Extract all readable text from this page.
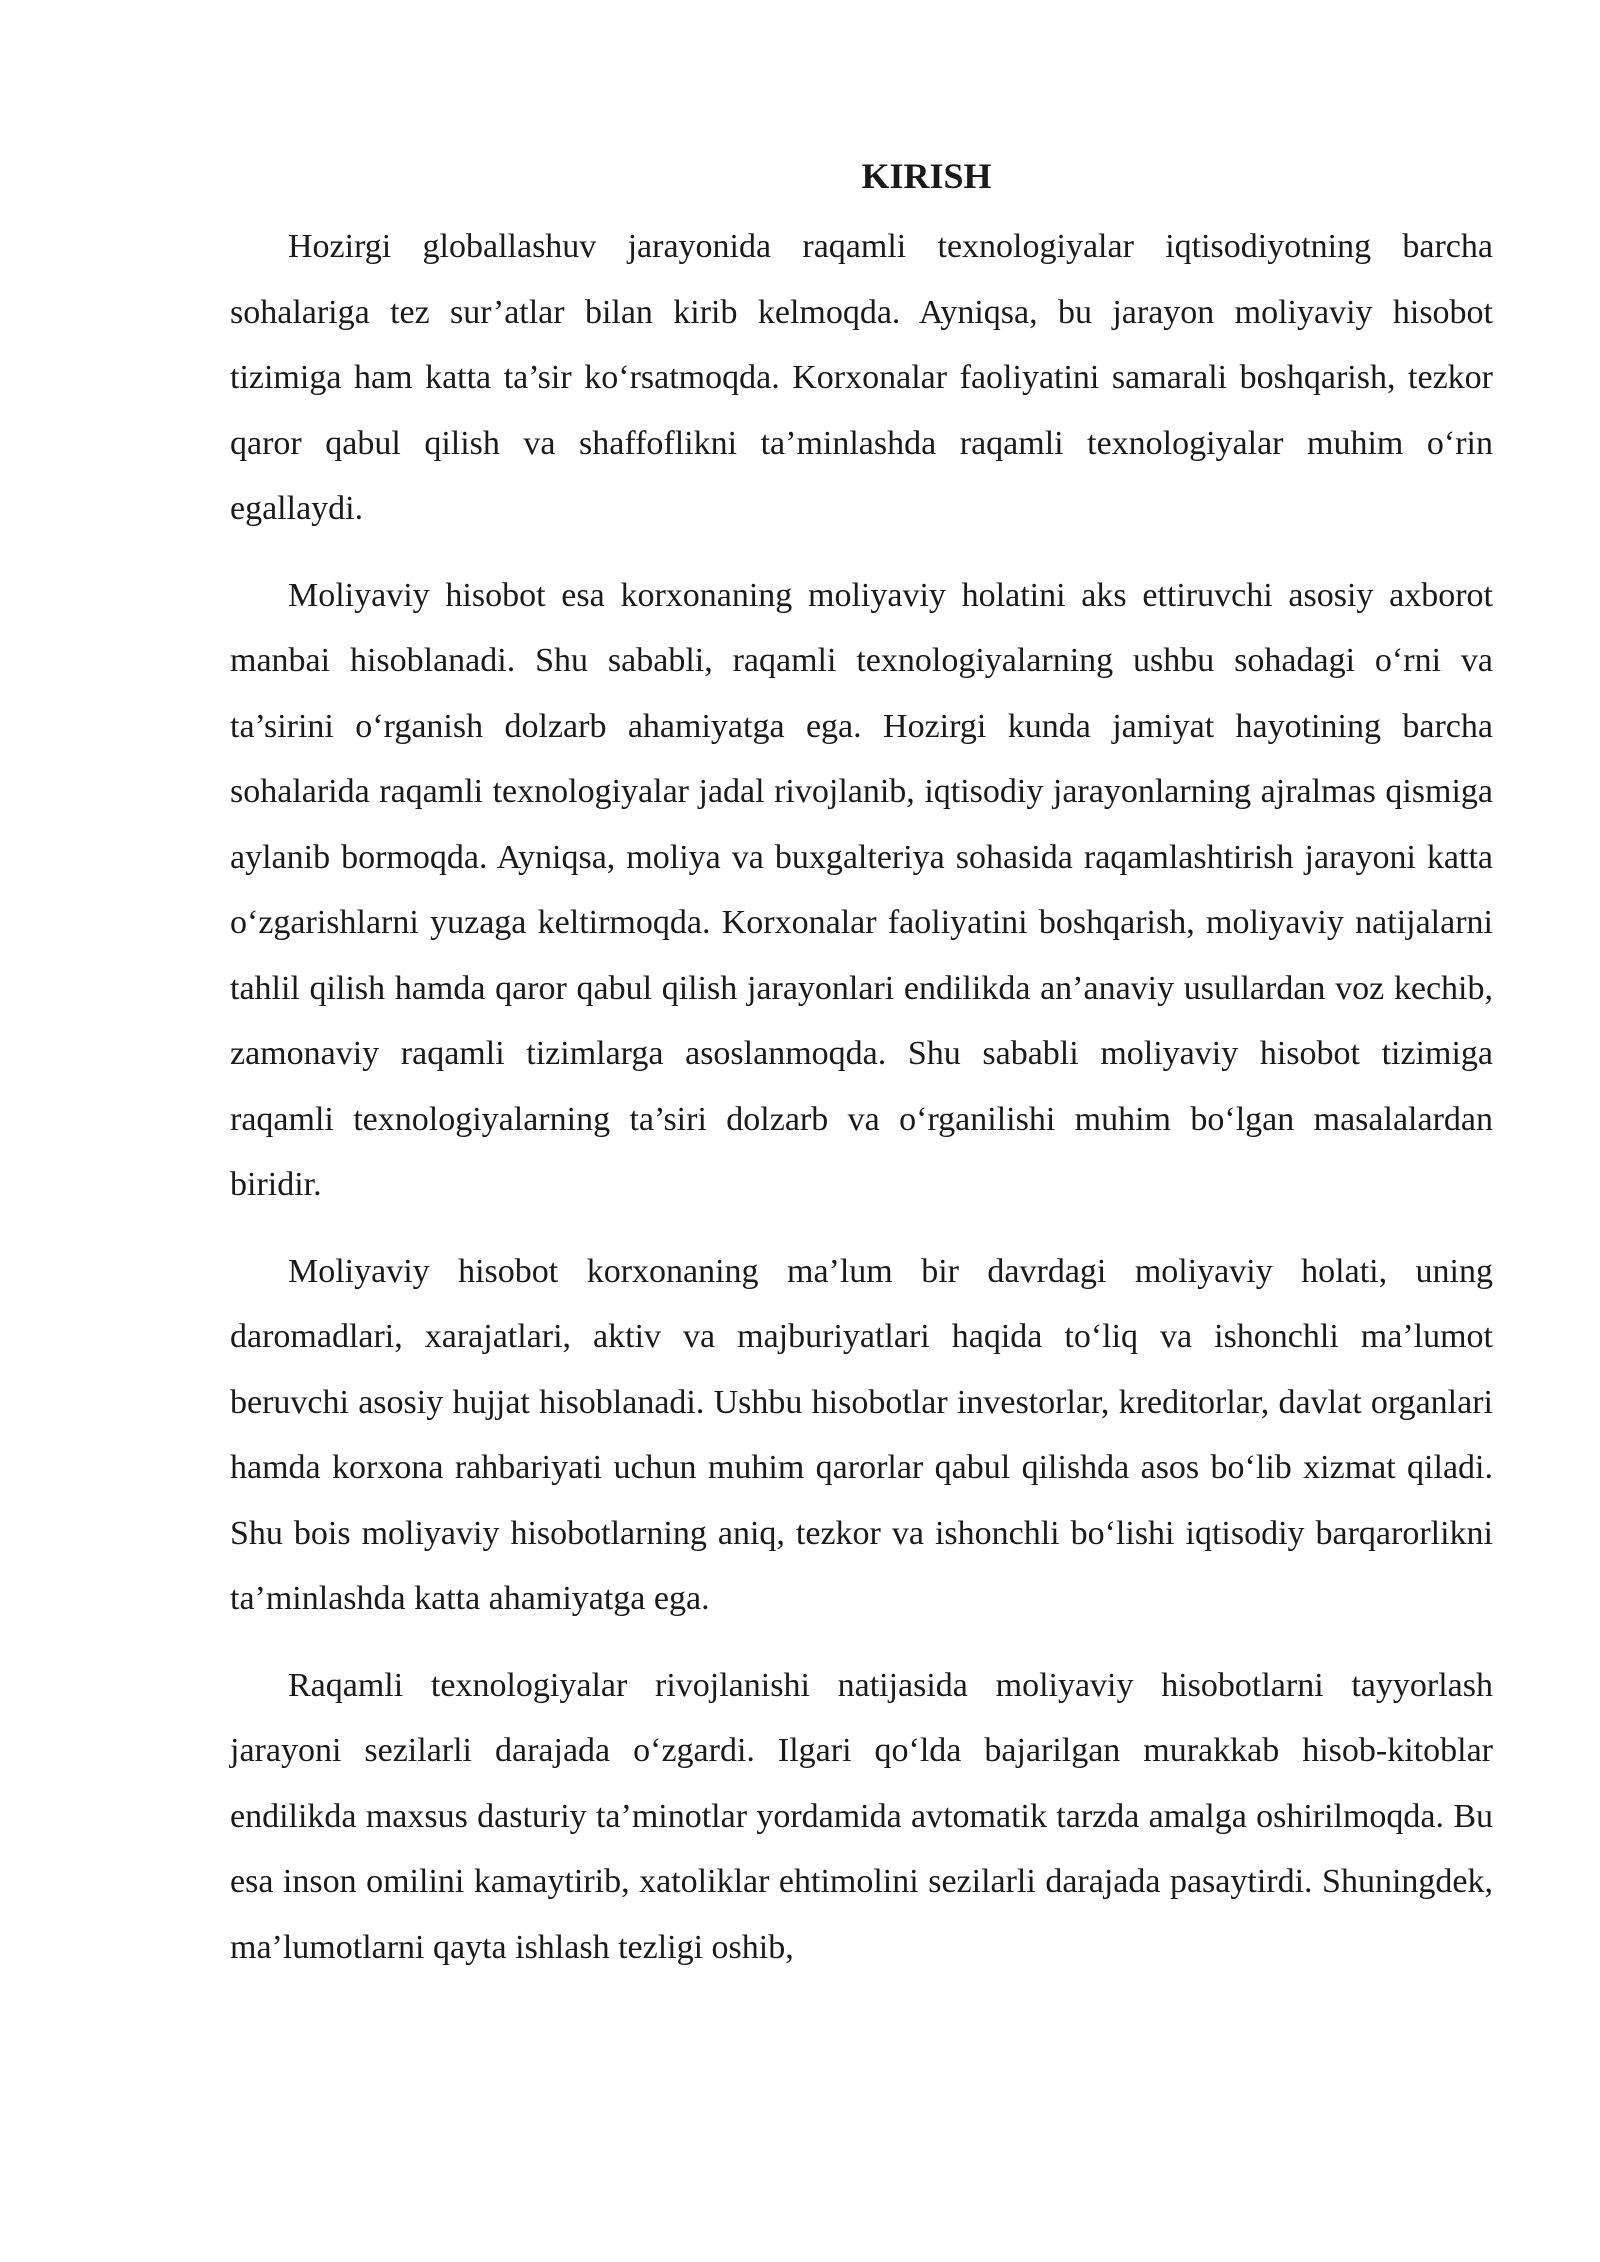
KIRISH

Hozirgi globallashuv jarayonida raqamli texnologiyalar iqtisodiyotning barcha sohalariga tez sur’atlar bilan kirib kelmoqda. Ayniqsa, bu jarayon moliyaviy hisobot tizimiga ham katta ta’sir ko‘rsatmoqda. Korxonalar faoliyatini samarali boshqarish, tezkor qaror qabul qilish va shaffoflikni ta’minlashda raqamli texnologiyalar muhim o‘rin egallaydi.

Moliyaviy hisobot esa korxonaning moliyaviy holatini aks ettiruvchi asosiy axborot manbai hisoblanadi. Shu sababli, raqamli texnologiyalarning ushbu sohadagi o‘rni va ta’sirini o‘rganish dolzarb ahamiyatga ega. Hozirgi kunda jamiyat hayotining barcha sohalarida raqamli texnologiyalar jadal rivojlanib, iqtisodiy jarayonlarning ajralmas qismiga aylanib bormoqda. Ayniqsa, moliya va buxgalteriya sohasida raqamlashtirish jarayoni katta o‘zgarishlarni yuzaga keltirmoqda. Korxonalar faoliyatini boshqarish, moliyaviy natijalarni tahlil qilish hamda qaror qabul qilish jarayonlari endilikda an’anaviy usullardan voz kechib, zamonaviy raqamli tizimlarga asoslanmoqda. Shu sababli moliyaviy hisobot tizimiga raqamli texnologiyalarning ta’siri dolzarb va o‘rganilishi muhim bo‘lgan masalalardan biridir.

Moliyaviy hisobot korxonaning ma’lum bir davrdagi moliyaviy holati, uning daromadlari, xarajatlari, aktiv va majburiyatlari haqida to‘liq va ishonchli ma’lumot beruvchi asosiy hujjat hisoblanadi. Ushbu hisobotlar investorlar, kreditorlar, davlat organlari hamda korxona rahbariyati uchun muhim qarorlar qabul qilishda asos bo‘lib xizmat qiladi. Shu bois moliyaviy hisobotlarning aniq, tezkor va ishonchli bo‘lishi iqtisodiy barqarorlikni ta’minlashda katta ahamiyatga ega.

Raqamli texnologiyalar rivojlanishi natijasida moliyaviy hisobotlarni tayyorlash jarayoni sezilarli darajada o‘zgardi. Ilgari qo‘lda bajarilgan murakkab hisob-kitoblar endilikda maxsus dasturiy ta’minotlar yordamida avtomatik tarzda amalga oshirilmoqda. Bu esa inson omilini kamaytirib, xatoliklar ehtimolini sezilarli darajada pasaytirdi. Shuningdek, ma’lumotlarni qayta ishlash tezligi oshib,
